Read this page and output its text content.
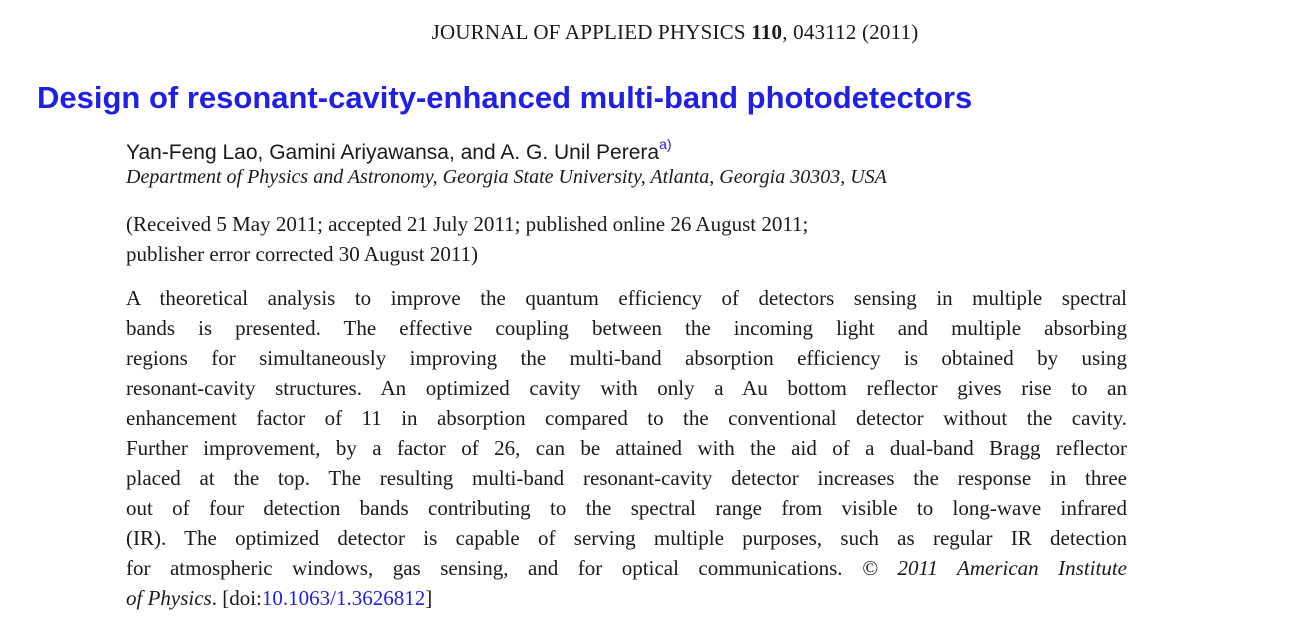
JOURNAL OF APPLIED PHYSICS 110, 043112 (2011)
Design of resonant-cavity-enhanced multi-band photodetectors
Yan-Feng Lao, Gamini Ariyawansa, and A. G. Unil Perera$^{a)}$
Department of Physics and Astronomy, Georgia State University, Atlanta, Georgia 30303, USA
(Received 5 May 2011; accepted 21 July 2011; published online 26 August 2011;
publisher error corrected 30 August 2011)
A theoretical analysis to improve the quantum efficiency of detectors sensing in multiple spectral
bands is presented. The effective coupling between the incoming light and multiple absorbing
regions for simultaneously improving the multi-band absorption efficiency is obtained by using
resonant-cavity structures. An optimized cavity with only a Au bottom reflector gives rise to an
enhancement factor of 11 in absorption compared to the conventional detector without the cavity.
Further improvement, by a factor of 26, can be attained with the aid of a dual-band Bragg reflector
placed at the top. The resulting multi-band resonant-cavity detector increases the response in three
out of four detection bands contributing to the spectral range from visible to long-wave infrared
(IR). The optimized detector is capable of serving multiple purposes, such as regular IR detection
for atmospheric windows, gas sensing, and for optical communications. © 2011 American Institute
of Physics. [doi:10.1063/1.3626812]
